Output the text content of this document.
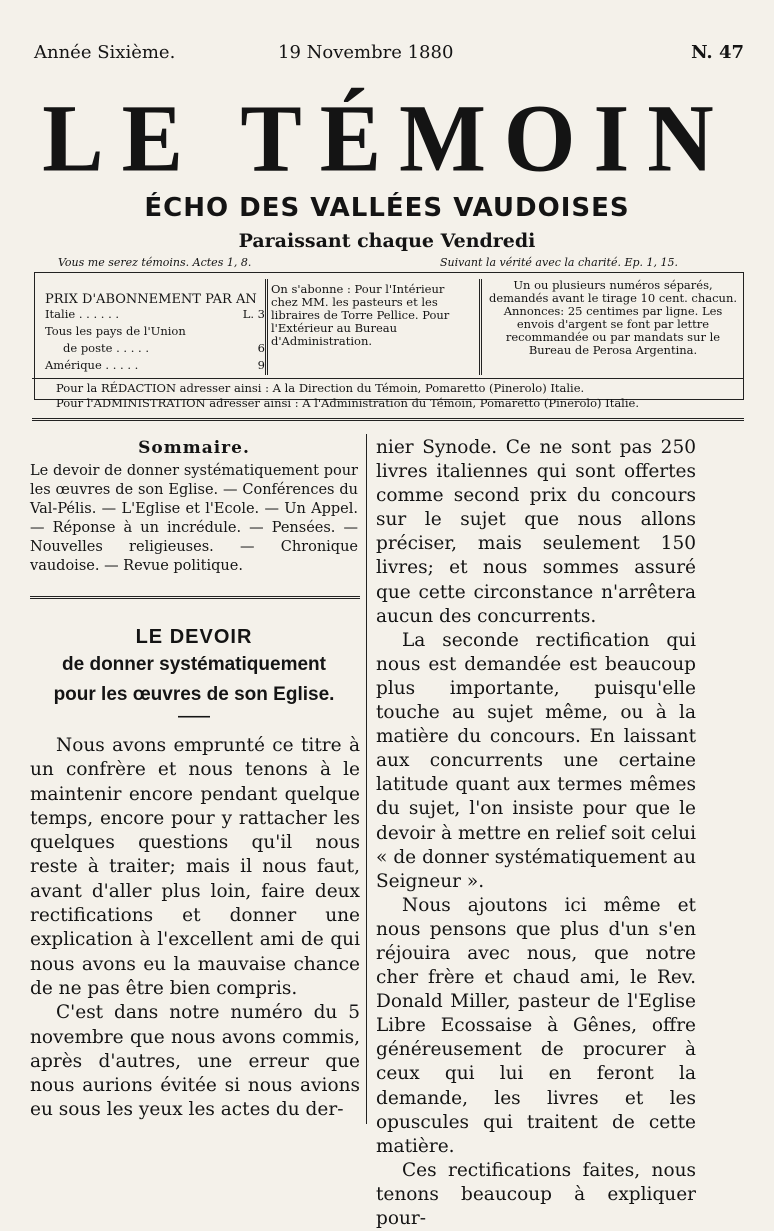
Année Sixième.	19 Novembre 1880	N. 47
LE TÉMOIN
ÉCHO DES VALLÉES VAUDOISES
Paraissant chaque Vendredi
Vous me serez témoins. Actes 1, 8.	Suivant la vérité avec la charité. Ep. 1, 15.
PRIX D'ABONNEMENT PAR AN
Italie . . . . . .	L. 3
Tous les pays de l'Union
de poste . . . . .	6
Amérique . . . . .	9
On s'abonne : Pour l'Intérieur chez MM. les pasteurs et les libraires de Torre Pellice. Pour l'Extérieur au Bureau d'Administration.
Un ou plusieurs numéros séparés, demandés avant le tirage 10 cent. chacun. Annonces: 25 centimes par ligne. Les envois d'argent se font par lettre recommandée ou par mandats sur le Bureau de Perosa Argentina.
Pour la RÉDACTION adresser ainsi : A la Direction du Témoin, Pomaretto (Pinerolo) Italie.
Pour l'ADMINISTRATION adresser ainsi : A l'Administration du Témoin, Pomaretto (Pinerolo) Italie.
Sommaire.
Le devoir de donner systématiquement pour les œuvres de son Eglise. — Conférences du Val-Pélis. — L'Eglise et l'Ecole. — Un Appel. — Réponse à un incrédule. — Pensées. — Nouvelles religieuses. — Chronique vaudoise. — Revue politique.
LE DEVOIR
de donner systématiquement
pour les œuvres de son Eglise.
——

Nous avons emprunté ce titre à un confrère et nous tenons à le maintenir encore pendant quelque temps, encore pour y rattacher les quelques questions qu'il nous reste à traiter; mais il nous faut, avant d'aller plus loin, faire deux rectifications et donner une explication à l'excellent ami de qui nous avons eu la mauvaise chance de ne pas être bien compris.

C'est dans notre numéro du 5 novembre que nous avons commis, après d'autres, une erreur que nous aurions évitée si nous avions eu sous les yeux les actes du der-

nier Synode. Ce ne sont pas 250 livres italiennes qui sont offertes comme second prix du concours sur le sujet que nous allons préciser, mais seulement 150 livres; et nous sommes assuré que cette circonstance n'arrêtera aucun des concurrents.

La seconde rectification qui nous est demandée est beaucoup plus importante, puisqu'elle touche au sujet même, ou à la matière du concours. En laissant aux concurrents une certaine latitude quant aux termes mêmes du sujet, l'on insiste pour que le devoir à mettre en relief soit celui « de donner systématiquement au Seigneur ».

Nous ajoutons ici même et nous pensons que plus d'un s'en réjouira avec nous, que notre cher frère et chaud ami, le Rev. Donald Miller, pasteur de l'Eglise Libre Ecossaise à Gênes, offre généreusement de procurer à ceux qui lui en feront la demande, les livres et les opuscules qui traitent de cette matière.

Ces rectifications faites, nous tenons beaucoup à expliquer pour-
